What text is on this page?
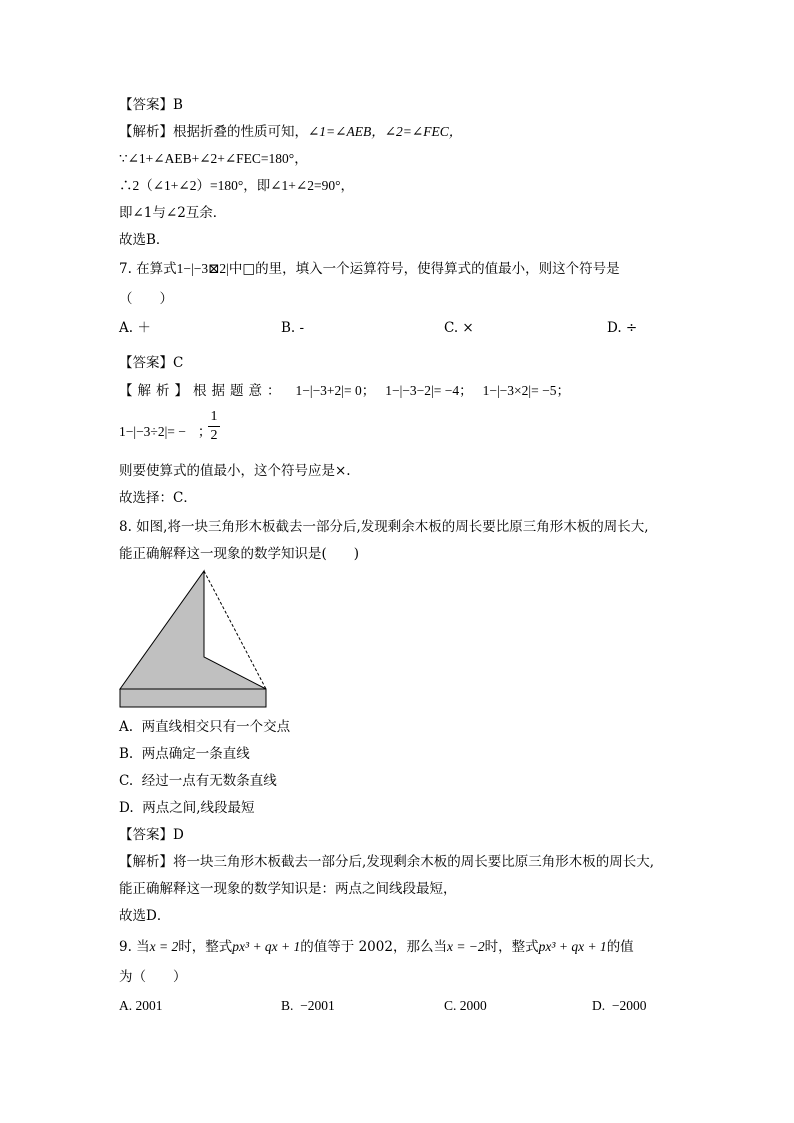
【答案】B
【解析】根据折叠的性质可知，∠1=∠AEB，∠2=∠FEC，
∵∠1+∠AEB+∠2+∠FEC=180°，
∴2（∠1+∠2）=180°，即∠1+∠2=90°，
即∠1与∠2互余．
故选B．
7. 在算式1−|−3⊠2|中□的里，填入一个运算符号，使得算式的值最小，则这个符号是
（　　）
A. ＋	B. -	C. ×	D. ÷
【答案】C
【解析】根据题意： 1−|−3+2|= 0； 1−|−3−2|= −4； 1−|−3×2|= −5；
1−|−3÷2|= − ；
1
2
则要使算式的值最小，这个符号应是×.
故选择：C．
8. 如图,将一块三角形木板截去一部分后,发现剩余木板的周长要比原三角形木板的周长大,
能正确解释这一现象的数学知识是(　　)
A.  两直线相交只有一个交点
B.  两点确定一条直线
C.  经过一点有无数条直线
D.  两点之间,线段最短
【答案】D
【解析】将一块三角形木板截去一部分后,发现剩余木板的周长要比原三角形木板的周长大,
能正确解释这一现象的数学知识是：两点之间线段最短，
故选D．
9. 当x = 2时，整式px³ + qx + 1的值等于 2002，那么当x = −2时，整式px³ + qx + 1的值
为（　　）
A. 2001	B.  −2001	C. 2000	D.  −2000
